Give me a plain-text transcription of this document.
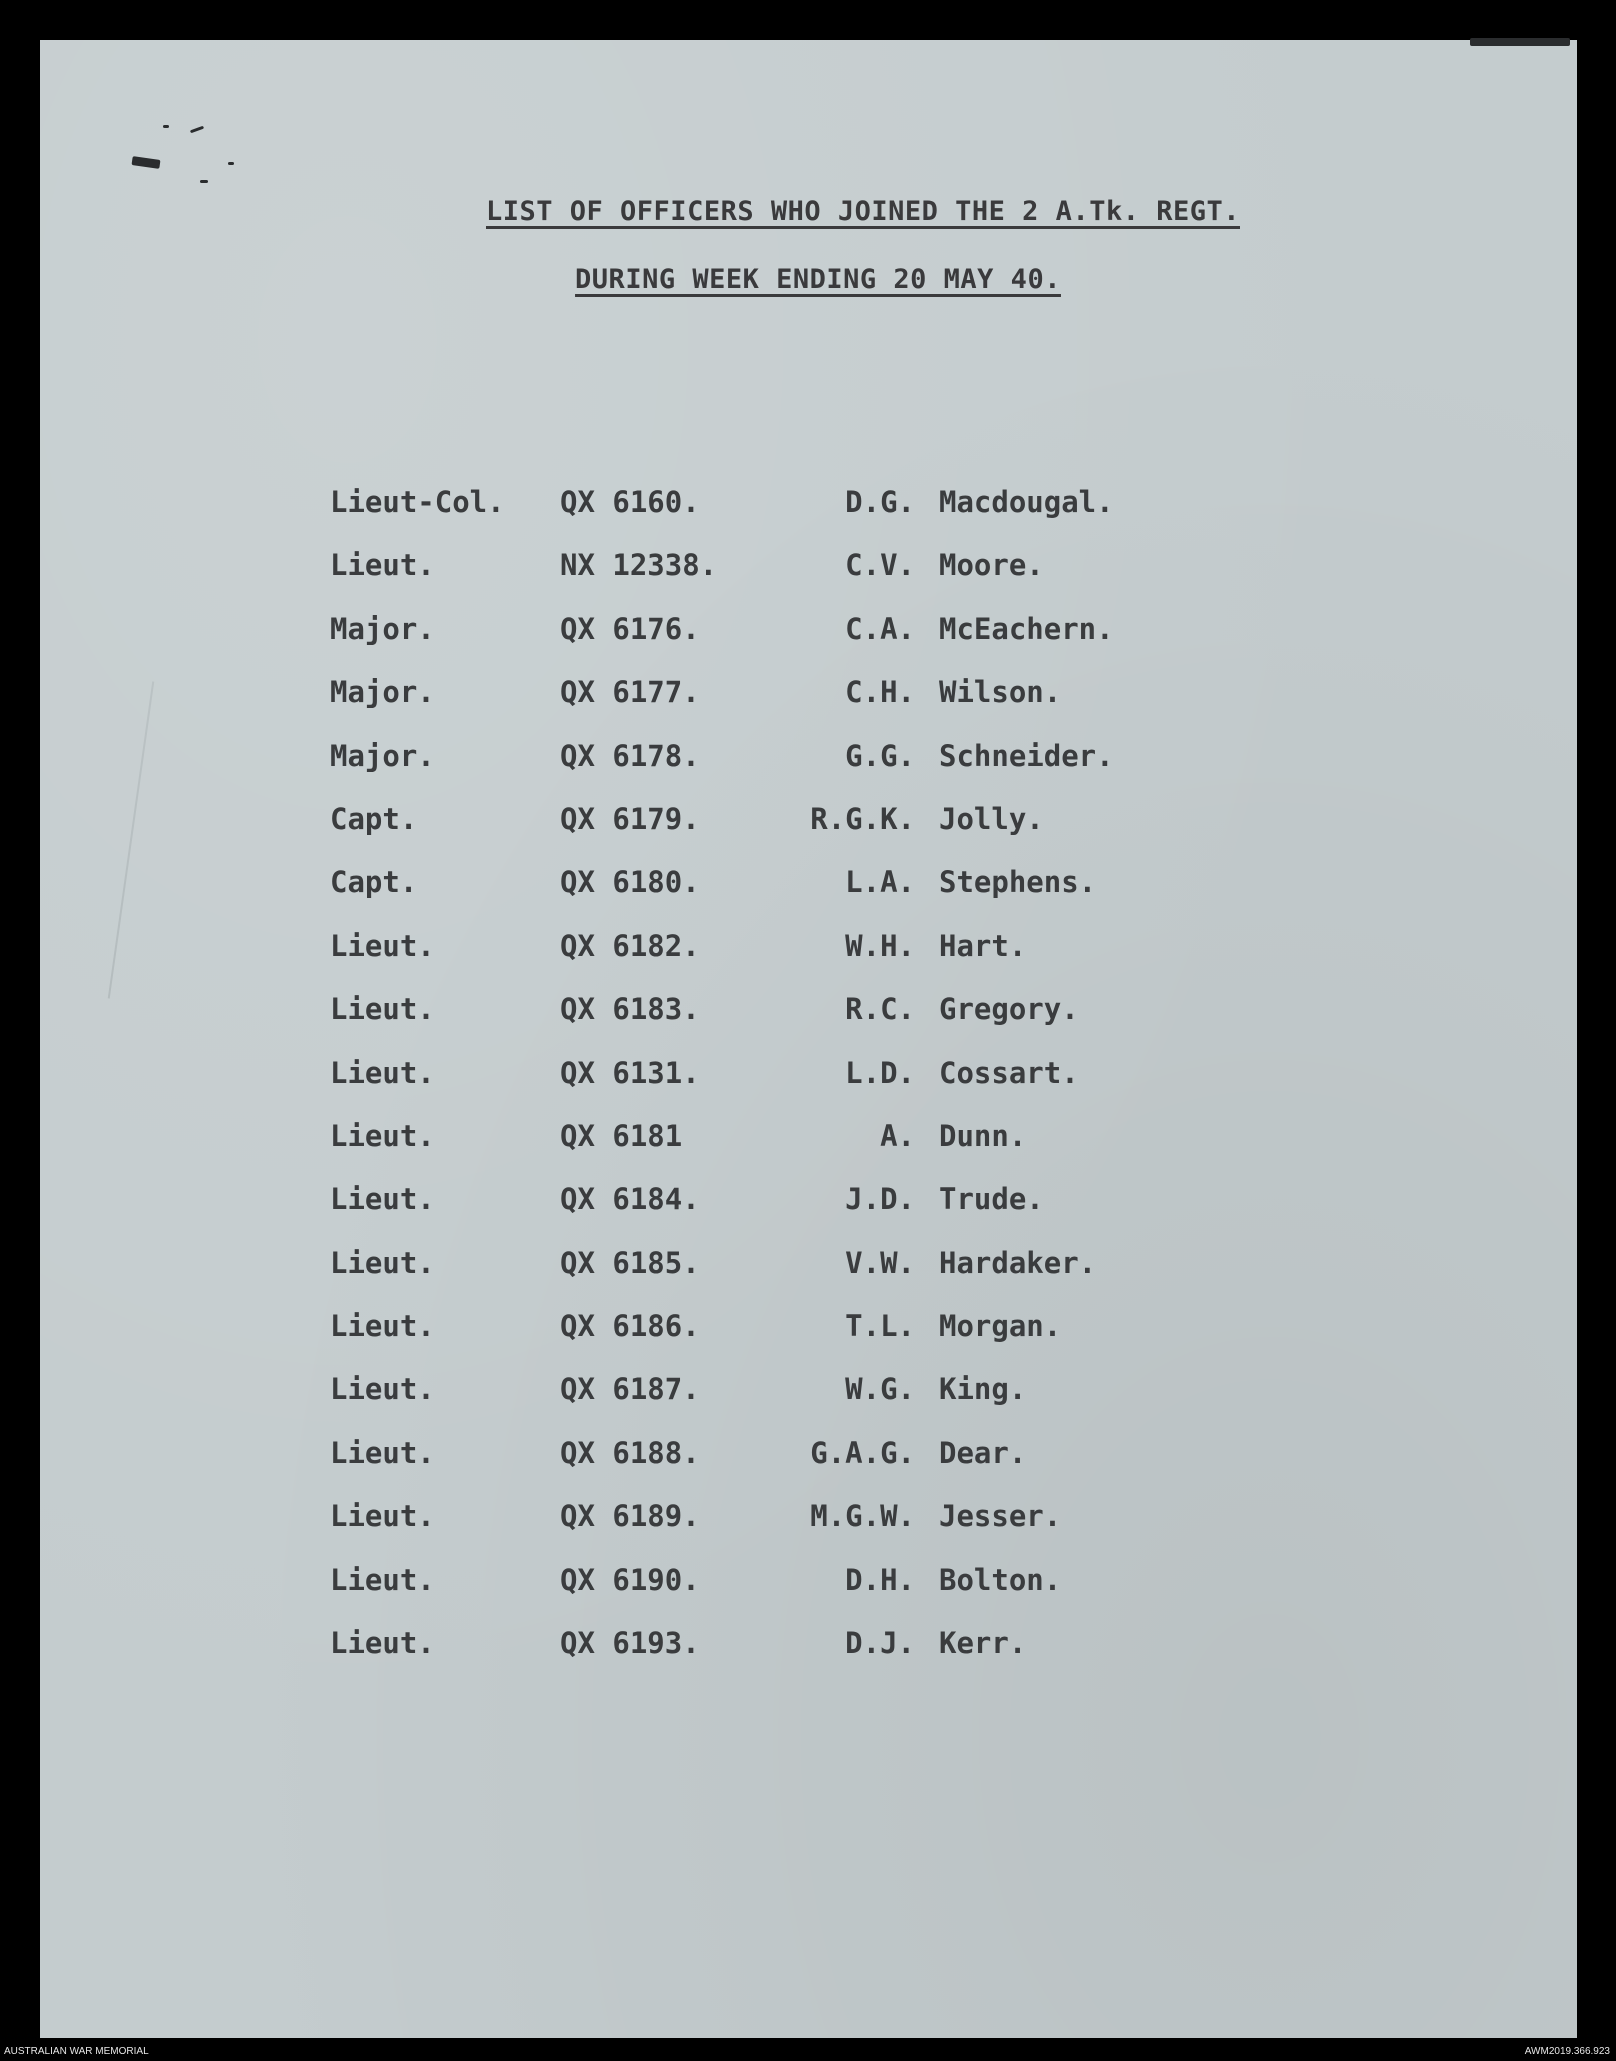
LIST OF OFFICERS WHO JOINED THE 2 A.Tk. REGT.
DURING WEEK ENDING 20 MAY 40.
Lieut-Col. QX 6160.	D.G. Macdougal.
Lieut.	NX 12338.	C.V. Moore.
Major.	QX 6176.	C.A. McEachern.
Major.	QX 6177.	C.H. Wilson.
Major.	QX 6178.	G.G. Schneider.
Capt.	QX 6179.	R.G.K. Jolly.
Capt.	QX 6180.	L.A. Stephens.
Lieut.	QX 6182.	W.H. Hart.
Lieut.	QX 6183.	R.C. Gregory.
Lieut.	QX 6131.	L.D. Cossart.
Lieut.	QX 6181	A. Dunn.
Lieut.	QX 6184.	J.D. Trude.
Lieut.	QX 6185.	V.W. Hardaker.
Lieut.	QX 6186.	T.L. Morgan.
Lieut.	QX 6187.	W.G. King.
Lieut.	QX 6188.	G.A.G. Dear.
Lieut.	QX 6189.	M.G.W. Jesser.
Lieut.	QX 6190.	D.H. Bolton.
Lieut.	QX 6193.	D.J. Kerr.
AUSTRALIAN WAR MEMORIAL	AWM2019.366.923
